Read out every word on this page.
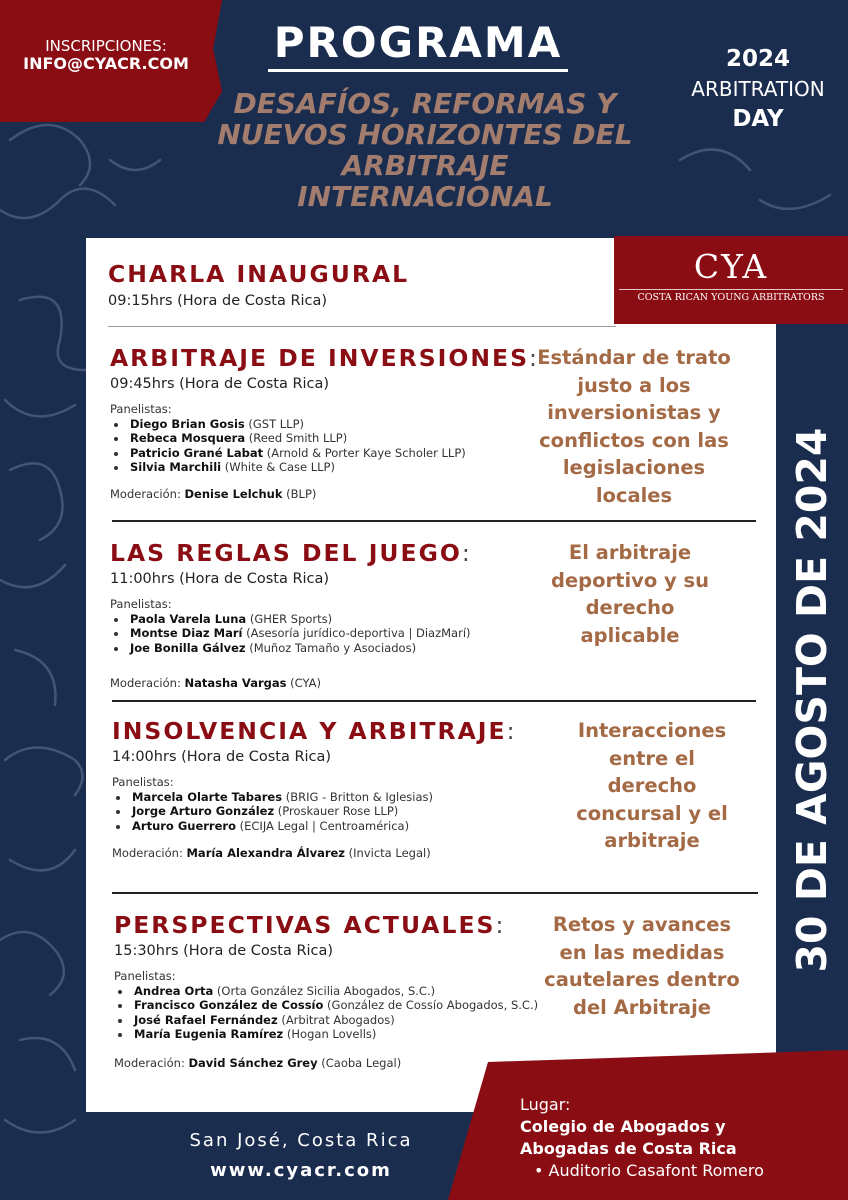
INSCRIPCIONES:
INFO@CYACR.COM	PROGRAMA
DESAFÍOS, REFORMAS Y
NUEVOS HORIZONTES DEL
ARBITRAJE
INTERNACIONAL
2024
ARBITRATION
DAY
CYA
COSTA RICAN YOUNG ARBITRATORS
30 DE AGOSTO DE 2024
CHARLA INAUGURAL
09:15hrs (Hora de Costa Rica)
ARBITRAJE DE INVERSIONES:
09:45hrs (Hora de Costa Rica)
Panelistas:
• Diego Brian Gosis (GST LLP)
• Rebeca Mosquera (Reed Smith LLP)
• Patricio Grané Labat (Arnold & Porter Kaye Scholer LLP)
• Silvia Marchili (White & Case LLP)
Moderación: Denise Lelchuk (BLP)
Estándar de trato
justo a los
inversionistas y
conflictos con las
legislaciones
locales
LAS REGLAS DEL JUEGO:
11:00hrs (Hora de Costa Rica)
Panelistas:
• Paola Varela Luna (GHER Sports)
• Montse Diaz Marí (Asesoría jurídico-deportiva | DiazMarí)
• Joe Bonilla Gálvez (Muñoz Tamaño y Asociados)
Moderación: Natasha Vargas (CYA)
El arbitraje
deportivo y su
derecho
aplicable
INSOLVENCIA Y ARBITRAJE:
14:00hrs (Hora de Costa Rica)
Panelistas:
• Marcela Olarte Tabares (BRIG - Britton & Iglesias)
• Jorge Arturo González (Proskauer Rose LLP)
• Arturo Guerrero (ECIJA Legal | Centroamérica)
Moderación: María Alexandra Álvarez (Invicta Legal)
Interacciones
entre el
derecho
concursal y el
arbitraje
PERSPECTIVAS ACTUALES:
15:30hrs (Hora de Costa Rica)
Panelistas:
• Andrea Orta (Orta González Sicilia Abogados, S.C.)
• Francisco González de Cossío (González de Cossío Abogados, S.C.)
• José Rafael Fernández (Arbitrat Abogados)
• María Eugenia Ramírez (Hogan Lovells)
Moderación: David Sánchez Grey (Caoba Legal)
Retos y avances
en las medidas
cautelares dentro
del Arbitraje
Lugar:
Colegio de Abogados y
Abogadas de Costa Rica
• Auditorio Casafont Romero
San José, Costa Rica
www.cyacr.com
